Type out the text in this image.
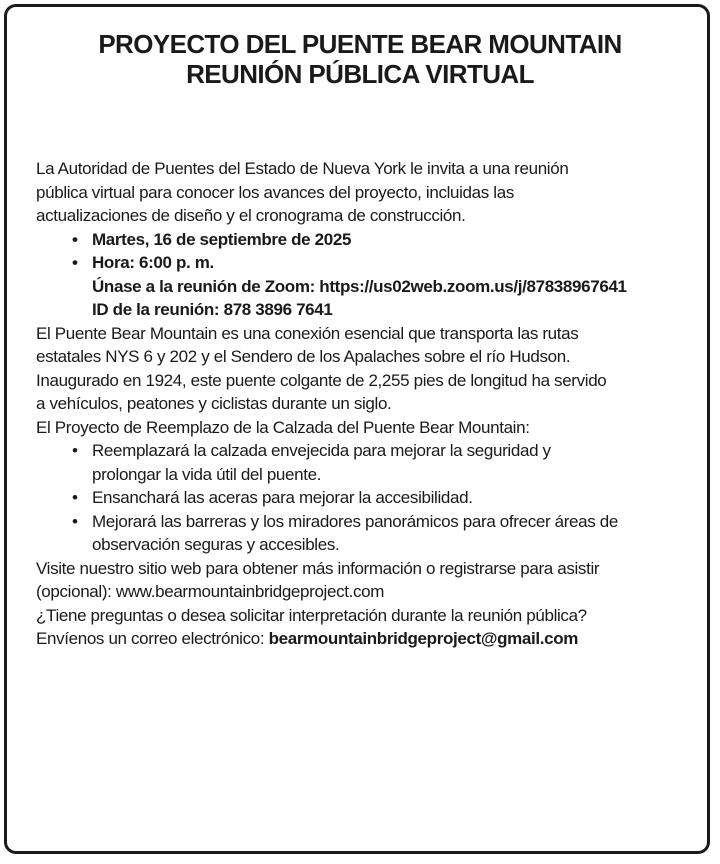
PROYECTO DEL PUENTE BEAR MOUNTAIN
REUNIÓN PÚBLICA VIRTUAL

La Autoridad de Puentes del Estado de Nueva York le invita a una reunión
pública virtual para conocer los avances del proyecto, incluidas las
actualizaciones de diseño y el cronograma de construcción.

• Martes, 16 de septiembre de 2025
• Hora: 6:00 p. m.
Únase a la reunión de Zoom: https://us02web.zoom.us/j/87838967641
ID de la reunión: 878 3896 7641

El Puente Bear Mountain es una conexión esencial que transporta las rutas
estatales NYS 6 y 202 y el Sendero de los Apalaches sobre el río Hudson.
Inaugurado en 1924, este puente colgante de 2,255 pies de longitud ha servido
a vehículos, peatones y ciclistas durante un siglo.

El Proyecto de Reemplazo de la Calzada del Puente Bear Mountain:

• Reemplazará la calzada envejecida para mejorar la seguridad y
prolongar la vida útil del puente.
• Ensanchará las aceras para mejorar la accesibilidad.
• Mejorará las barreras y los miradores panorámicos para ofrecer áreas de
observación seguras y accesibles.

Visite nuestro sitio web para obtener más información o registrarse para asistir
(opcional): www.bearmountainbridgeproject.com

¿Tiene preguntas o desea solicitar interpretación durante la reunión pública?

Envíenos un correo electrónico: bearmountainbridgeproject@gmail.com
